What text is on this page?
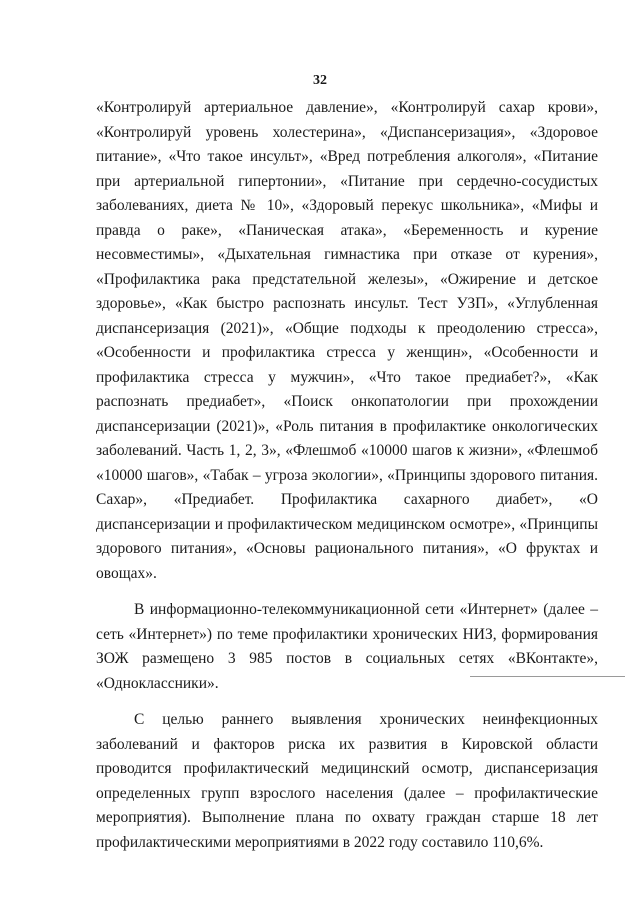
32

«Контролируй артериальное давление», «Контролируй сахар крови», «Контролируй уровень холестерина», «Диспансеризация», «Здоровое питание», «Что такое инсульт», «Вред потребления алкоголя», «Питание при артериальной гипертонии», «Питание при сердечно-сосудистых заболеваниях, диета № 10», «Здоровый перекус школьника», «Мифы и правда о раке», «Паническая атака», «Беременность и курение несовместимы», «Дыхательная гимнастика при отказе от курения», «Профилактика рака предстательной железы», «Ожирение и детское здоровье», «Как быстро распознать инсульт. Тест УЗП», «Углубленная диспансеризация (2021)», «Общие подходы к преодолению стресса», «Особенности и профилактика стресса у женщин», «Особенности и профилактика стресса у мужчин», «Что такое предиабет?», «Как распознать предиабет», «Поиск онкопатологии при прохождении диспансеризации (2021)», «Роль питания в профилактике онкологических заболеваний. Часть 1, 2, 3», «Флешмоб «10000 шагов к жизни», «Флешмоб «10000 шагов», «Табак – угроза экологии», «Принципы здорового питания. Сахар», «Предиабет. Профилактика сахарного диабет», «О диспансеризации и профилактическом медицинском осмотре», «Принципы здорового питания», «Основы рационального питания», «О фруктах и овощах».

В информационно-телекоммуникационной сети «Интернет» (далее – сеть «Интернет») по теме профилактики хронических НИЗ, формирования ЗОЖ размещено 3 985 постов в социальных сетях «ВКонтакте», «Одноклассники».

С целью раннего выявления хронических неинфекционных заболеваний и факторов риска их развития в Кировской области проводится профилактический медицинский осмотр, диспансеризация определенных групп взрослого населения (далее – профилактические мероприятия). Выполнение плана по охвату граждан старше 18 лет профилактическими мероприятиями в 2022 году составило 110,6%.
